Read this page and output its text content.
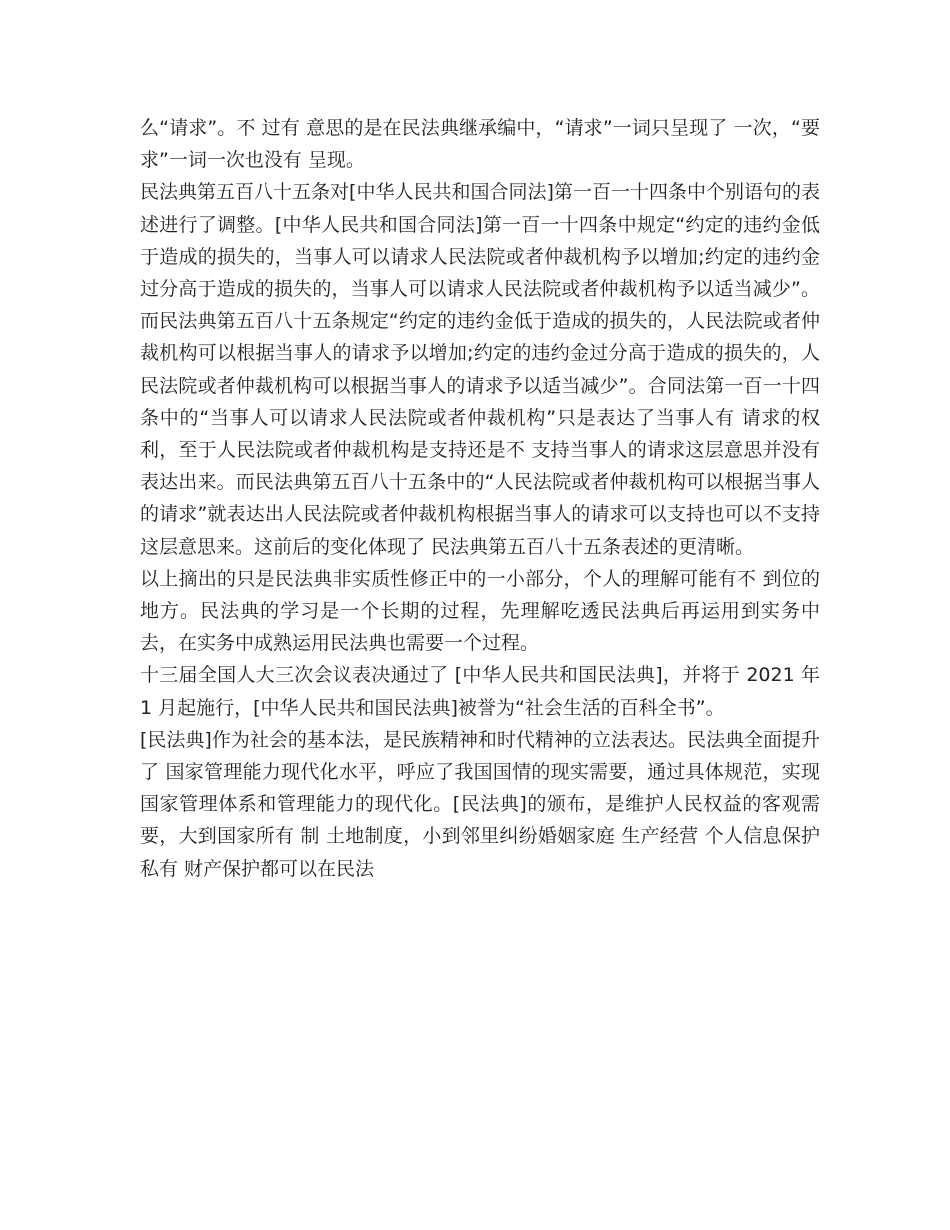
么“请求”。不 过有 意思的是在民法典继承编中，“请求”一词只呈现了 一次，“要求”一词一次也没有 呈现。

民法典第五百八十五条对[中华人民共和国合同法]第一百一十四条中个别语句的表述进行了调整。[中华人民共和国合同法]第一百一十四条中规定“约定的违约金低于造成的损失的，当事人可以请求人民法院或者仲裁机构予以增加;约定的违约金过分高于造成的损失的，当事人可以请求人民法院或者仲裁机构予以适当减少”。而民法典第五百八十五条规定“约定的违约金低于造成的损失的，人民法院或者仲裁机构可以根据当事人的请求予以增加;约定的违约金过分高于造成的损失的，人民法院或者仲裁机构可以根据当事人的请求予以适当减少”。合同法第一百一十四条中的“当事人可以请求人民法院或者仲裁机构”只是表达了当事人有 请求的权利，至于人民法院或者仲裁机构是支持还是不 支持当事人的请求这层意思并没有表达出来。而民法典第五百八十五条中的“人民法院或者仲裁机构可以根据当事人的请求”就表达出人民法院或者仲裁机构根据当事人的请求可以支持也可以不支持这层意思来。这前后的变化体现了 民法典第五百八十五条表述的更清晰。

以上摘出的只是民法典非实质性修正中的一小部分，个人的理解可能有不 到位的地方。民法典的学习是一个长期的过程，先理解吃透民法典后再运用到实务中去，在实务中成熟运用民法典也需要一个过程。

十三届全国人大三次会议表决通过了 [中华人民共和国民法典]，并将于 2021 年 1 月起施行，[中华人民共和国民法典]被誉为“社会生活的百科全书”。

[民法典]作为社会的基本法，是民族精神和时代精神的立法表达。民法典全面提升了 国家管理能力现代化水平，呼应了我国国情的现实需要，通过具体规范，实现国家管理体系和管理能力的现代化。[民法典]的颁布，是维护人民权益的客观需要，大到国家所有 制 土地制度，小到邻里纠纷婚姻家庭 生产经营 个人信息保护 私有 财产保护都可以在民法
